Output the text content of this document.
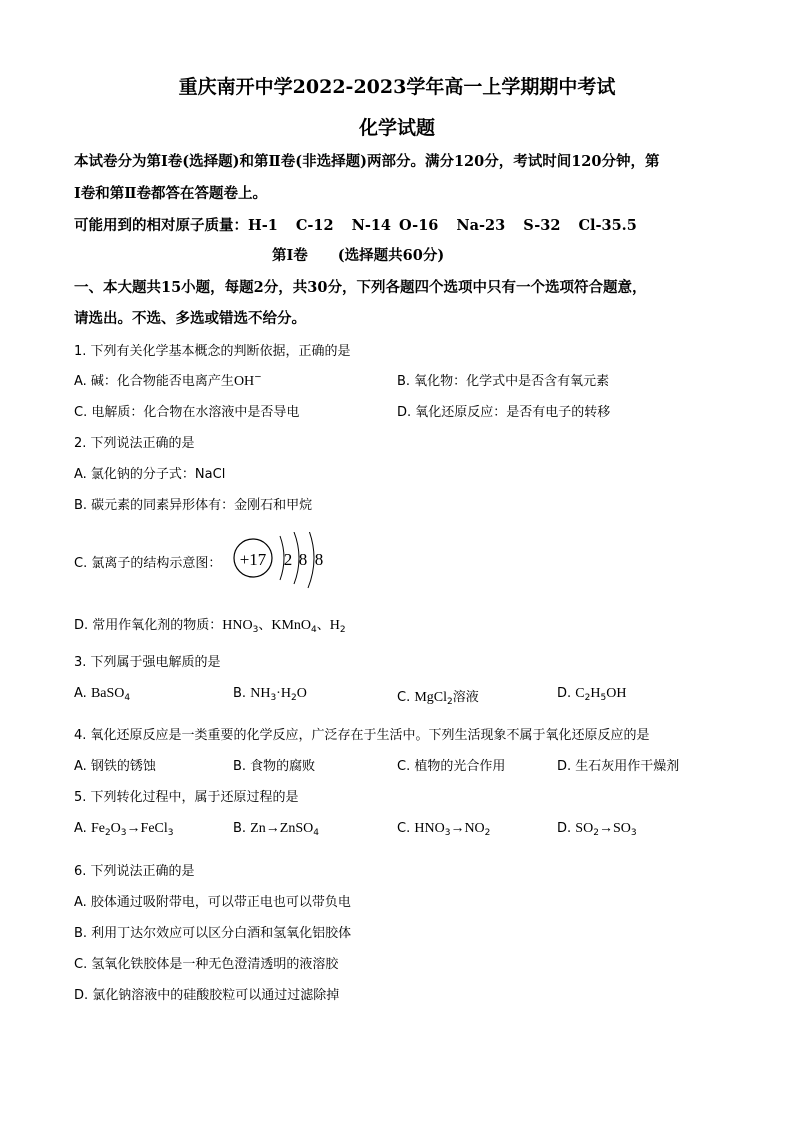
重庆南开中学2022-2023学年高一上学期期中考试
化学试题
本试卷分为第Ⅰ卷(选择题)和第Ⅱ卷(非选择题)两部分。满分120分，考试时间120分钟，第
Ⅰ卷和第Ⅱ卷都答在答题卷上。
可能用到的相对原子质量：H-1 C-12 N-14 O-16 Na-23 S-32 Cl-35.5
第Ⅰ卷 (选择题共60分)
一、本大题共15小题，每题2分，共30分，下列各题四个选项中只有一个选项符合题意，
请选出。不选、多选或错选不给分。
1. 下列有关化学基本概念的判断依据，正确的是
A. 碱：化合物能否电离产生OH−	B. 氧化物：化学式中是否含有氧元素
C. 电解质：化合物在水溶液中是否导电	D. 氧化还原反应：是否有电子的转移
2. 下列说法正确的是
A. 氯化钠的分子式：NaCl
B. 碳元素的同素异形体有：金刚石和甲烷
C. 氯离子的结构示意图： +17 2 8 8
D. 常用作氧化剂的物质：$HNO_3$、KMnO$_4$、$H_2$
3. 下列属于强电解质的是
A. BaSO$_4$	B. $NH_3\cdot H_2O$	C. MgCl$_2$溶液	D. $C_2H_5OH$
4. 氧化还原反应是一类重要的化学反应，广泛存在于生活中。下列生活现象不属于氧化还原反应的是
A. 钢铁的锈蚀	B. 食物的腐败	C. 植物的光合作用	D. 生石灰用作干燥剂
5. 下列转化过程中，属于还原过程的是
A. $Fe_2O_3\to FeCl_3$	B. Zn→ZnSO$_4$	C. $HNO_3\to NO_2$	D. $SO_2\to SO_3$
6. 下列说法正确的是
A. 胶体通过吸附带电，可以带正电也可以带负电
B. 利用丁达尔效应可以区分白酒和氢氧化铝胶体
C. 氢氧化铁胶体是一种无色澄清透明的液溶胶
D. 氯化钠溶液中的硅酸胶粒可以通过过滤除掉
